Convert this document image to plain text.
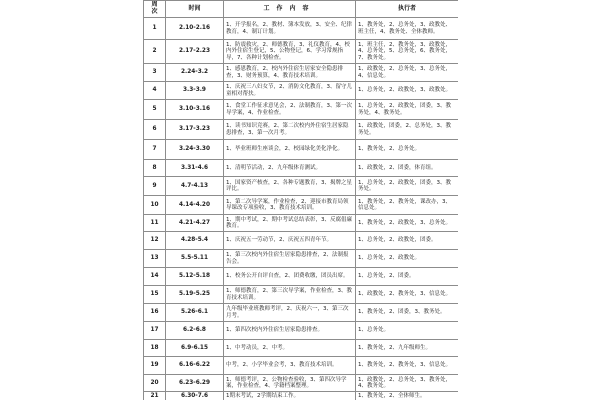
周次	时间	工作内容	执行者
1	2.10-2.16	1、开学报名，2、教材、簿本发放，3、安全、纪律教育，4、制订计划。	1、教务处，2、总务处，3、政教处、班主任，4、教务处、全体教师。
2	2.17-2.23	1、防震救灾，2、师德教育，3、礼仪教育，4、校内外住宿生登记，5、公物登记，6、学习常规指导，7、各种计划检查。	1、班主任，2、教务处，3、政教处，4、总务处，5、总务处，6、教务处，7、教务处。
3	2.24-3.2	1、感恩教育，2、校内外住宿生居家安全隐患排查，3、财务预算，4、教育技术培训。	1、政教处，2、总务处，3、总务处，4、信息处。
4	3.3-3.9	1、庆祝三八妇女节，2、消防文化教育，3、留守儿童相对帮扶。	1、总务处，2、政教处，3、政教处。
5	3.10-3.16	1、食堂工作征求意见会，2、法制教育，3、第一次导学案，4、作业检查。	1、总务处，2、政教处，团委，3、教务处，4、教务处。
6	3.17-3.23	1、读书知识竞赛，2、第二次校内外住宿生居家隐患排查，3、第一次月考。	1、政教处，团委，2、总务处，3、教务处。
7	3.24-3.30	1、毕业班师生座谈会，2、校园绿化美化净化。	1、教务处，2、总务处。
8	3.31-4.6	1、清明节活动，2、九年级体育测试。	1、政教处，2、团委，体育组。
9	4.7-4.13	1、国家资产核查，2、各种专题教育，3、揭牌之星评比。	1、总务处，2、政教处，团委，3、教务处。
10	4.14-4.20	1、第二次导学案，作业检查，2、迎接市教育局领导课改专项验收，3、教育技术培训。	1、教务处，2、教务处，课改办，3、信息处。
11	4.21-4.27	1、期中考试，2、期中考试总结表彰，3、反腐倡廉教育。	1、教务处，2、政教处，3、总务处。
12	4.28-5.4	1、庆祝五一劳动节，2、庆祝五四青年节。	1、总务处，2、政教处，团委。
13	5.5-5.11	1、第三次校内外住宿生居家隐患排查，2、法制报告会。	1、总务处，2、政教处。
14	5.12-5.18	1、校务公开自评自查，2、团费收缴，团员出席。	1、总务处，2、团委。
15	5.19-5.25	1、师德教育，2、第三次导学案，作业检查，3、教育技术培训。	1、政教处，2、教务处，3、信息处。
16	5.26-6.1	九年级毕业班教师考评，2、庆祝六一，3、第三次月考。	1、教务处，2、团委，3、教务处。
17	6.2-6.8	1、第四次校内外住宿生居家隐患排查。	1、总务处。
18	6.9-6.15	1、中考动员，2、中考。	1、教务处，2、九年级师生。
19	6.16-6.22	中考，2、小学毕业会考，3、教育技术培训。	1、教务处，2、教务处，3、信息处。
20	6.23-6.29	1、师德考评，2、公物检查验收，3、第四次导学案，作业检查，4、学籍档案整理。	1、政教处，2、总务处，3、教务处，4、教务处。
21	6.30-7.6	1期末考试，2学期结束工作。	1、教务处，2、全体师生。
